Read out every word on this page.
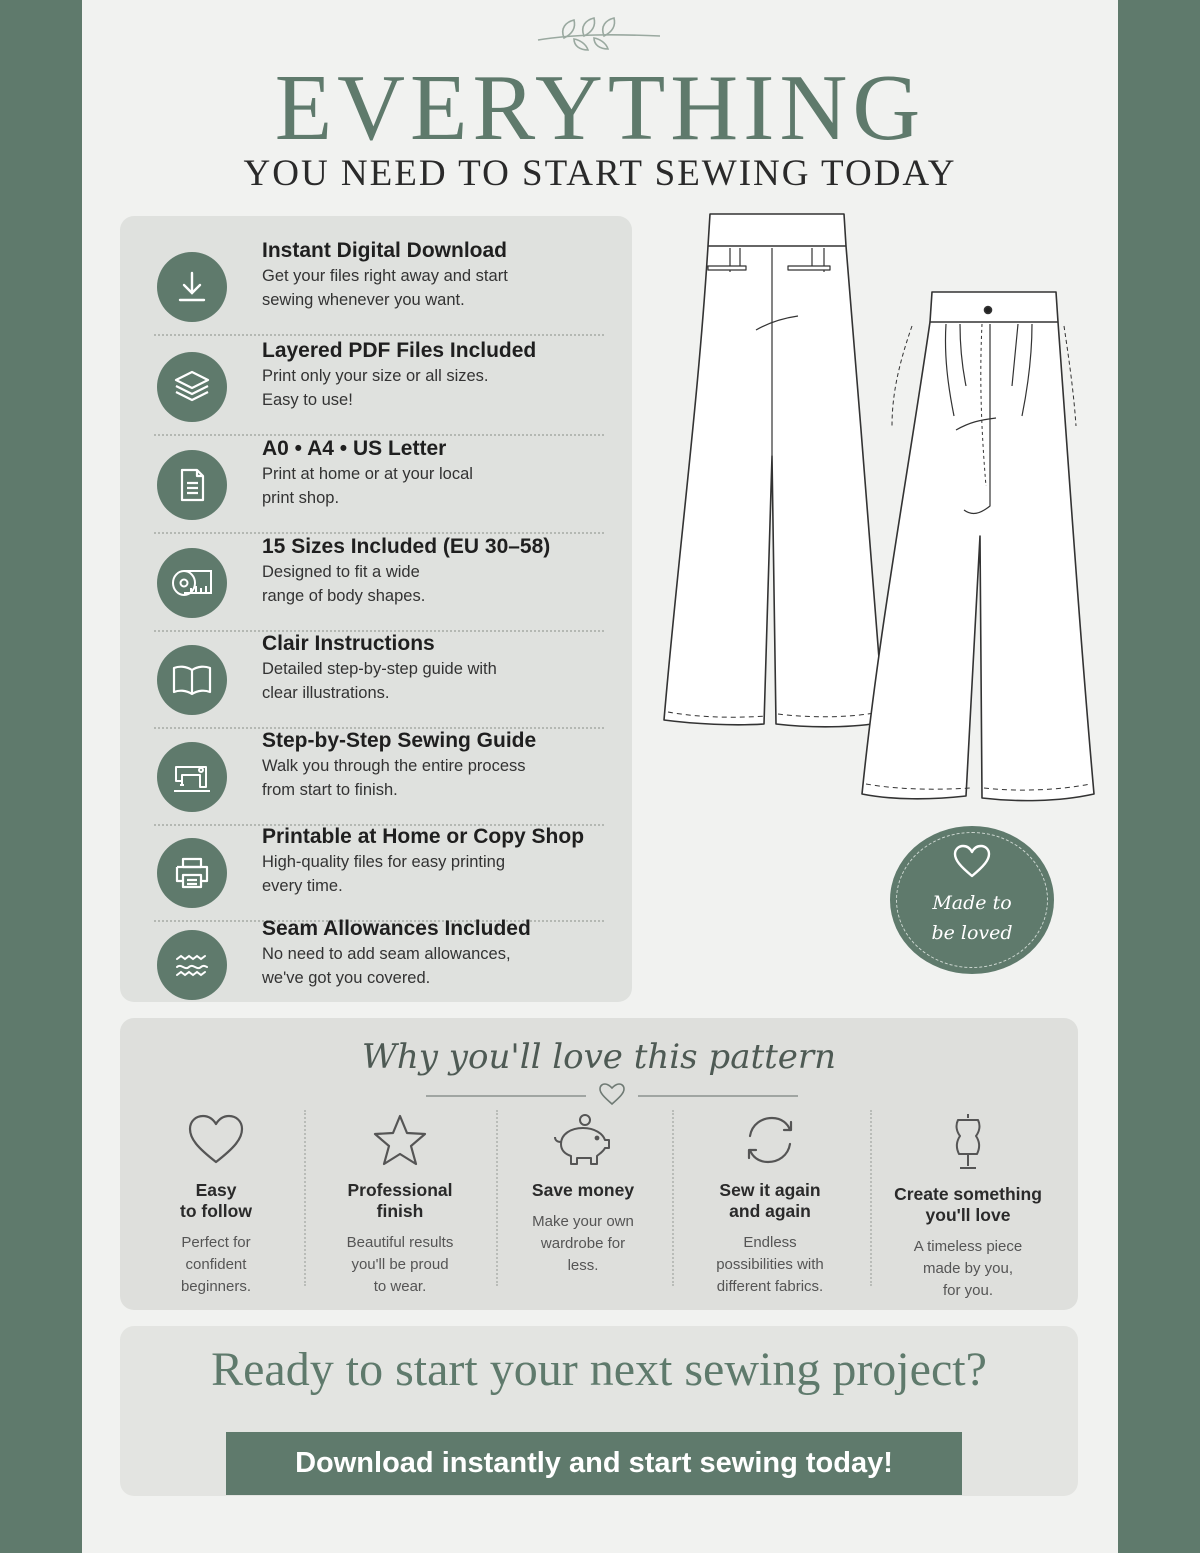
EVERYTHING
YOU NEED TO START SEWING TODAY
Instant Digital Download
Get your files right away and start
sewing whenever you want.
Layered PDF Files Included
Print only your size or all sizes.
Easy to use!
A0 • A4 • US Letter
Print at home or at your local
print shop.
15 Sizes Included (EU 30–58)
Designed to fit a wide
range of body shapes.
Clair Instructions
Detailed step-by-step guide with
clear illustrations.
Step-by-Step Sewing Guide
Walk you through the entire process
from start to finish.
Printable at Home or Copy Shop
High-quality files for easy printing
every time.
Seam Allowances Included
No need to add seam allowances,
we've got you covered.
Made to
be loved
Why you'll love this pattern
Easy
to follow
Perfect for
confident
beginners.
Professional
finish
Beautiful results
you'll be proud
to wear.
Save money
Make your own
wardrobe for
less.
Sew it again
and again
Endless
possibilities with
different fabrics.
Create something
you'll love
A timeless piece
made by you,
for you.
Ready to start your next sewing project?
Download instantly and start sewing today!
